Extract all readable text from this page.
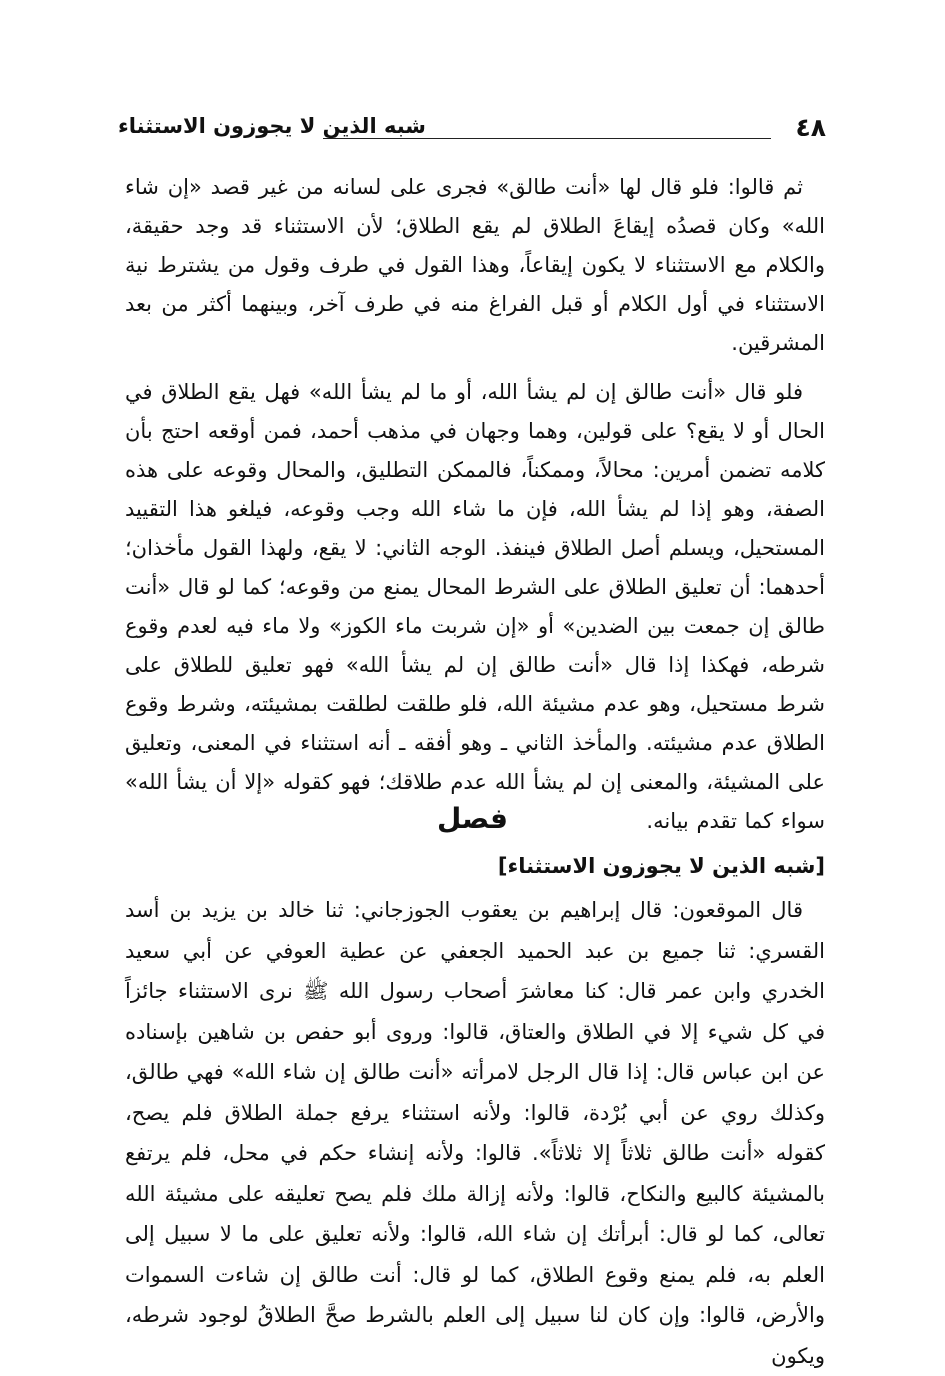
٤٨
شبه الذين لا يجوزون الاستثناء

ثم قالوا: فلو قال لها «أنت طالق» فجرى على لسانه من غير قصد «إن شاء الله» وكان قصدُه إيقاعَ الطلاق لم يقع الطلاق؛ لأن الاستثناء قد وجد حقيقة، والكلام مع الاستثناء لا يكون إيقاعاً، وهذا القول في طرف وقول من يشترط نية الاستثناء في أول الكلام أو قبل الفراغ منه في طرف آخر، وبينهما أكثر من بعد المشرقين.

فلو قال «أنت طالق إن لم يشأ الله، أو ما لم يشأ الله» فهل يقع الطلاق في الحال أو لا يقع؟ على قولين، وهما وجهان في مذهب أحمد، فمن أوقعه احتج بأن كلامه تضمن أمرين: محالاً، وممكناً، فالممكن التطليق، والمحال وقوعه على هذه الصفة، وهو إذا لم يشأ الله، فإن ما شاء الله وجب وقوعه، فيلغو هذا التقييد المستحيل، ويسلم أصل الطلاق فينفذ. الوجه الثاني: لا يقع، ولهذا القول مأخذان؛ أحدهما: أن تعليق الطلاق على الشرط المحال يمنع من وقوعه؛ كما لو قال «أنت طالق إن جمعت بين الضدين» أو «إن شربت ماء الكوز» ولا ماء فيه لعدم وقوع شرطه، فهكذا إذا قال «أنت طالق إن لم يشأ الله» فهو تعليق للطلاق على شرط مستحيل، وهو عدم مشيئة الله، فلو طلقت لطلقت بمشيئته، وشرط وقوع الطلاق عدم مشيئته. والمأخذ الثاني ـ وهو أفقه ـ أنه استثناء في المعنى، وتعليق على المشيئة، والمعنى إن لم يشأ الله عدم طلاقك؛ فهو كقوله «إلا أن يشأ الله» سواء كما تقدم بيانه.

فصل
[شبه الذين لا يجوزون الاستثناء]

قال الموقعون: قال إبراهيم بن يعقوب الجوزجاني: ثنا خالد بن يزيد بن أسد القسري: ثنا جميع بن عبد الحميد الجعفي عن عطية العوفي عن أبي سعيد الخدري وابن عمر قال: كنا معاشرَ أصحاب رسول الله ﷺ نرى الاستثناء جائزاً في كل شيء إلا في الطلاق والعتاق، قالوا: وروى أبو حفص بن شاهين بإسناده عن ابن عباس قال: إذا قال الرجل لامرأته «أنت طالق إن شاء الله» فهي طالق، وكذلك روي عن أبي بُرْدة، قالوا: ولأنه استثناء يرفع جملة الطلاق فلم يصح، كقوله «أنت طالق ثلاثاً إلا ثلاثاً». قالوا: ولأنه إنشاء حكم في محل، فلم يرتفع بالمشيئة كالبيع والنكاح، قالوا: ولأنه إزالة ملك فلم يصح تعليقه على مشيئة الله تعالى، كما لو قال: أبرأتك إن شاء الله، قالوا: ولأنه تعليق على ما لا سبيل إلى العلم به، فلم يمنع وقوع الطلاق، كما لو قال: أنت طالق إن شاءت السموات والأرض، قالوا: وإن كان لنا سبيل إلى العلم بالشرط صحَّ الطلاقُ لوجود شرطه، ويكون
